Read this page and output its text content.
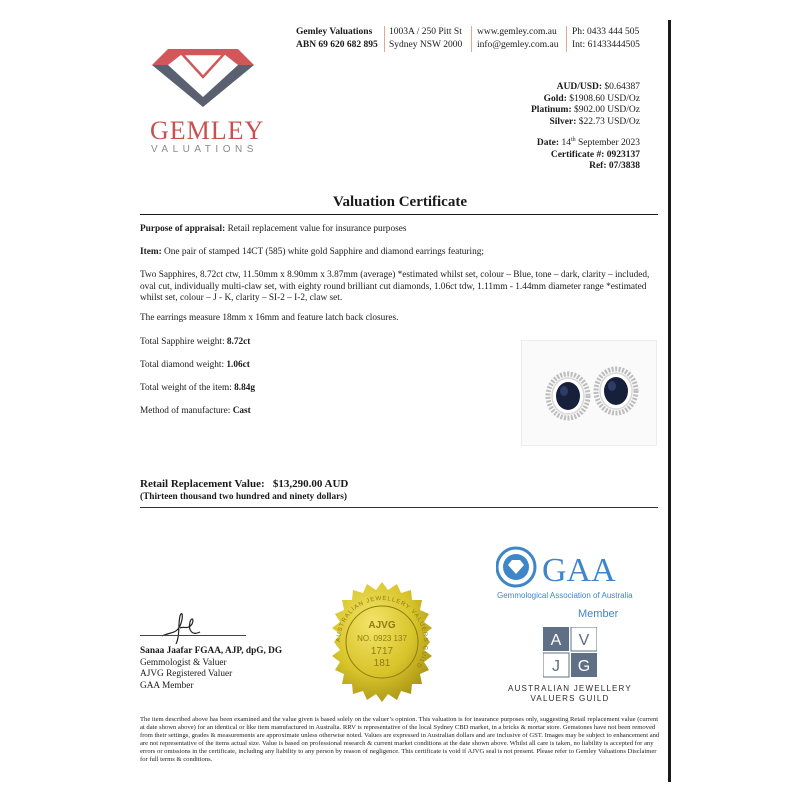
Gemley Valuations
ABN 69 620 682 895
1003A / 250 Pitt St
Sydney NSW 2000
www.gemley.com.au
info@gemley.com.au
Ph: 0433 444 505
Int: 61433444505
GEMLEY
VALUATIONS
AUD/USD: $0.64387
Gold: $1908.60 USD/Oz
Platinum: $902.00 USD/Oz
Silver: $22.73 USD/Oz
Date: 14th September 2023
Certificate #: 0923137
Ref: 07/3838
Valuation Certificate
Purpose of appraisal: Retail replacement value for insurance purposes
Item: One pair of stamped 14CT (585) white gold Sapphire and diamond earrings featuring;
Two Sapphires, 8.72ct ctw, 11.50mm x 8.90mm x 3.87mm (average) *estimated whilst set, colour – Blue, tone – dark, clarity – included, oval cut, individually multi-claw set, with eighty round brilliant cut diamonds, 1.06ct tdw, 1.11mm - 1.44mm diameter range *estimated whilst set, colour – J - K, clarity – SI-2 – I-2, claw set.
The earrings measure 18mm x 16mm and feature latch back closures.
Total Sapphire weight: 8.72ct
Total diamond weight: 1.06ct
Total weight of the item: 8.84g
Method of manufacture: Cast
Retail Replacement Value: $13,290.00 AUD
(Thirteen thousand two hundred and ninety dollars)
Sanaa Jaafar FGAA, AJP, dpG, DG
Gemmologist & Valuer
AJVG Registered Valuer
GAA Member
AUSTRALIAN JEWELLERY VALUERS GUILD
AJVG
NO. 0923 137
1717
181
GAA
Gemmological Association of Australia
Member
A V
J G
AUSTRALIAN JEWELLERY
VALUERS GUILD
The item described above has been examined and the value given is based solely on the valuer’s opinion. This valuation is for insurance purposes only, suggesting Retail replacement value (current at date shown above) for an identical or like item manufactured in Australia. RRV is representative of the local Sydney CBD market, in a bricks & mortar store. Gemstones have not been removed from their settings, grades & measurements are approximate unless otherwise noted. Values are expressed in Australian dollars and are inclusive of GST. Images may be subject to enhancement and are not representative of the items actual size. Value is based on professional research & current market conditions at the date shown above. Whilst all care is taken, no liability is accepted for any errors or omissions in the certificate, including any liability to any person by reason of negligence. This certificate is void if AJVG seal is not present. Please refer to Gemley Valuations Disclaimer for full terms & conditions.
